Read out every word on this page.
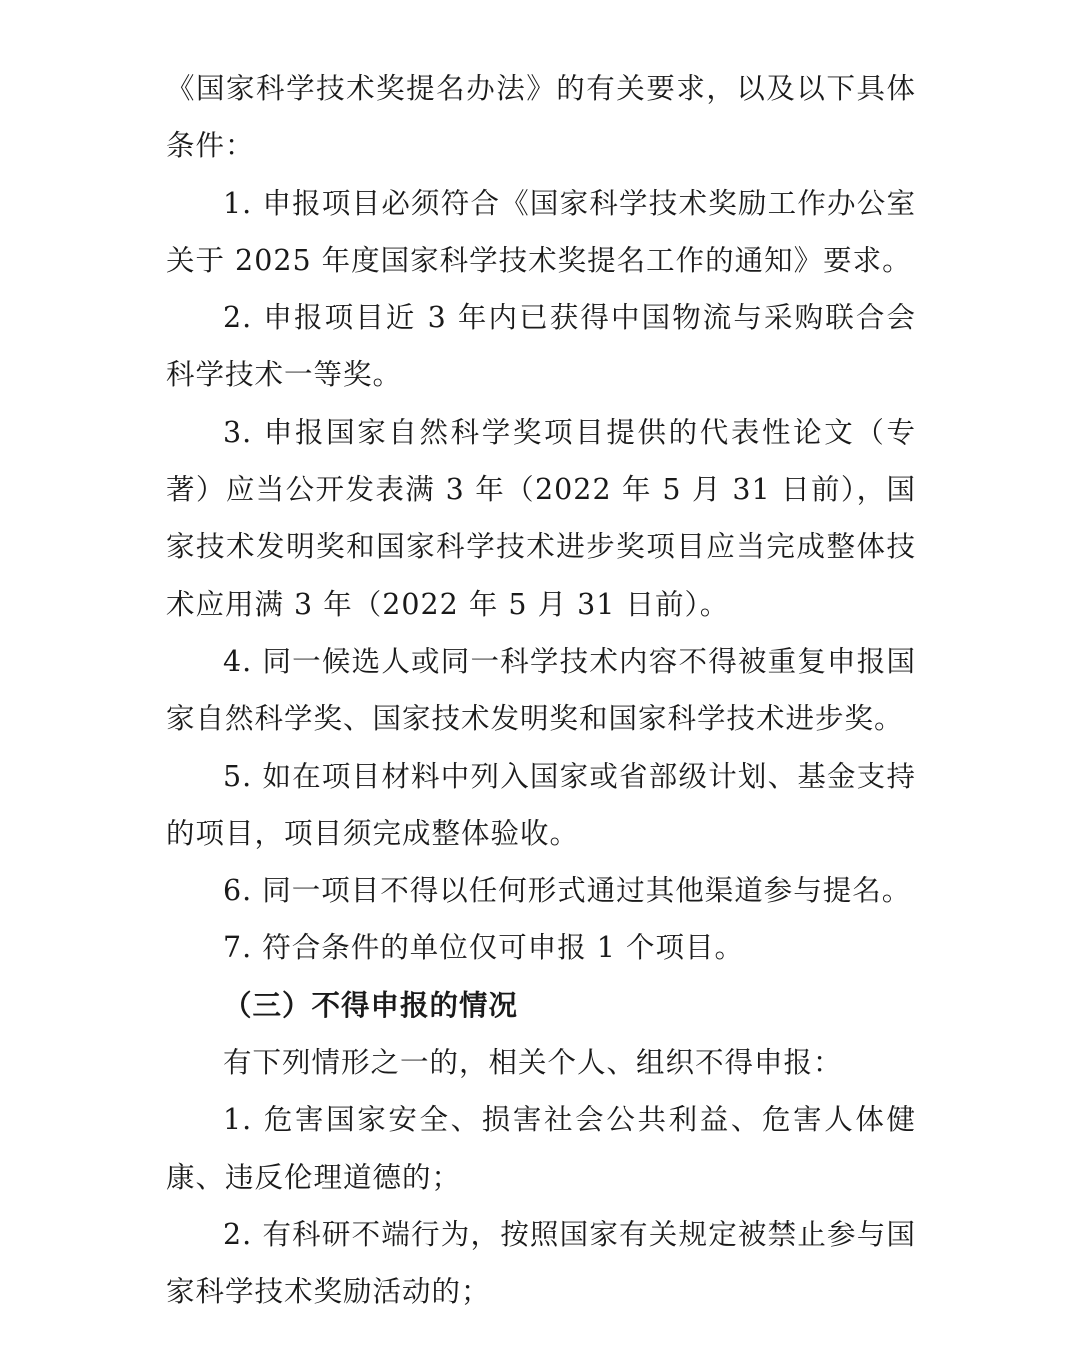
《国家科学技术奖提名办法》的有关要求，以及以下具体条件：

1. 申报项目必须符合《国家科学技术奖励工作办公室关于 2025 年度国家科学技术奖提名工作的通知》要求。

2. 申报项目近 3 年内已获得中国物流与采购联合会科学技术一等奖。

3. 申报国家自然科学奖项目提供的代表性论文（专著）应当公开发表满 3 年（2022 年 5 月 31 日前），国家技术发明奖和国家科学技术进步奖项目应当完成整体技术应用满 3 年（2022 年 5 月 31 日前）。

4. 同一候选人或同一科学技术内容不得被重复申报国家自然科学奖、国家技术发明奖和国家科学技术进步奖。

5. 如在项目材料中列入国家或省部级计划、基金支持的项目，项目须完成整体验收。

6. 同一项目不得以任何形式通过其他渠道参与提名。

7. 符合条件的单位仅可申报 1 个项目。

（三）不得申报的情况

有下列情形之一的，相关个人、组织不得申报：

1. 危害国家安全、损害社会公共利益、危害人体健康、违反伦理道德的；

2. 有科研不端行为，按照国家有关规定被禁止参与国家科学技术奖励活动的；
